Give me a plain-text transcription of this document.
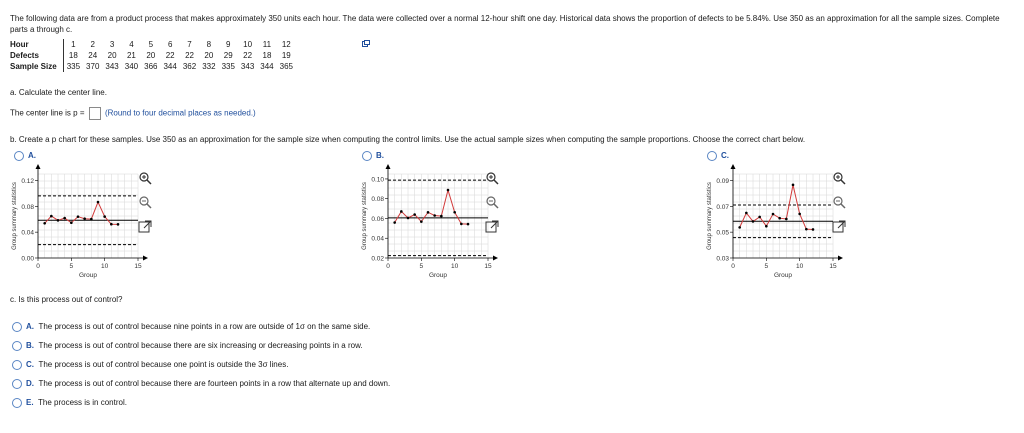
The following data are from a product process that makes approximately 350 units each hour. The data were collected over a normal 12-hour shift one day. Historical data shows the proportion of defects to be 5.84%. Use 350 as an approximation for all the sample sizes. Complete parts a through c.
Hour	1	2	3	4	5	6	7	8	9	10	11	12
Defects	18	24	20	21	20	22	22	20	29	22	18	19
Sample Size	335	370	343	340	366	344	362	332	335	343	344	365
a. Calculate the center line.
The center line is p =	(Round to four decimal places as needed.)
b. Create a p chart for these samples. Use 350 as an approximation for the sample size when computing the control limits. Use the actual sample sizes when computing the sample proportions. Choose the correct chart below.
A.	B.	C.
0.12
0.08
0.04
0.00
0	5	10	15
Group
Group summary statistics
0.10
0.08
0.06
0.04
0.02
0	5	10	15
Group
Group summary statistics
0.09
0.07
0.05
0.03
0	5	10	15
Group
Group summary statistics
c. Is this process out of control?
A. The process is out of control because nine points in a row are outside of 1σ on the same side.
B. The process is out of control because there are six increasing or decreasing points in a row.
C. The process is out of control because one point is outside the 3σ lines.
D. The process is out of control because there are fourteen points in a row that alternate up and down.
E. The process is in control.
